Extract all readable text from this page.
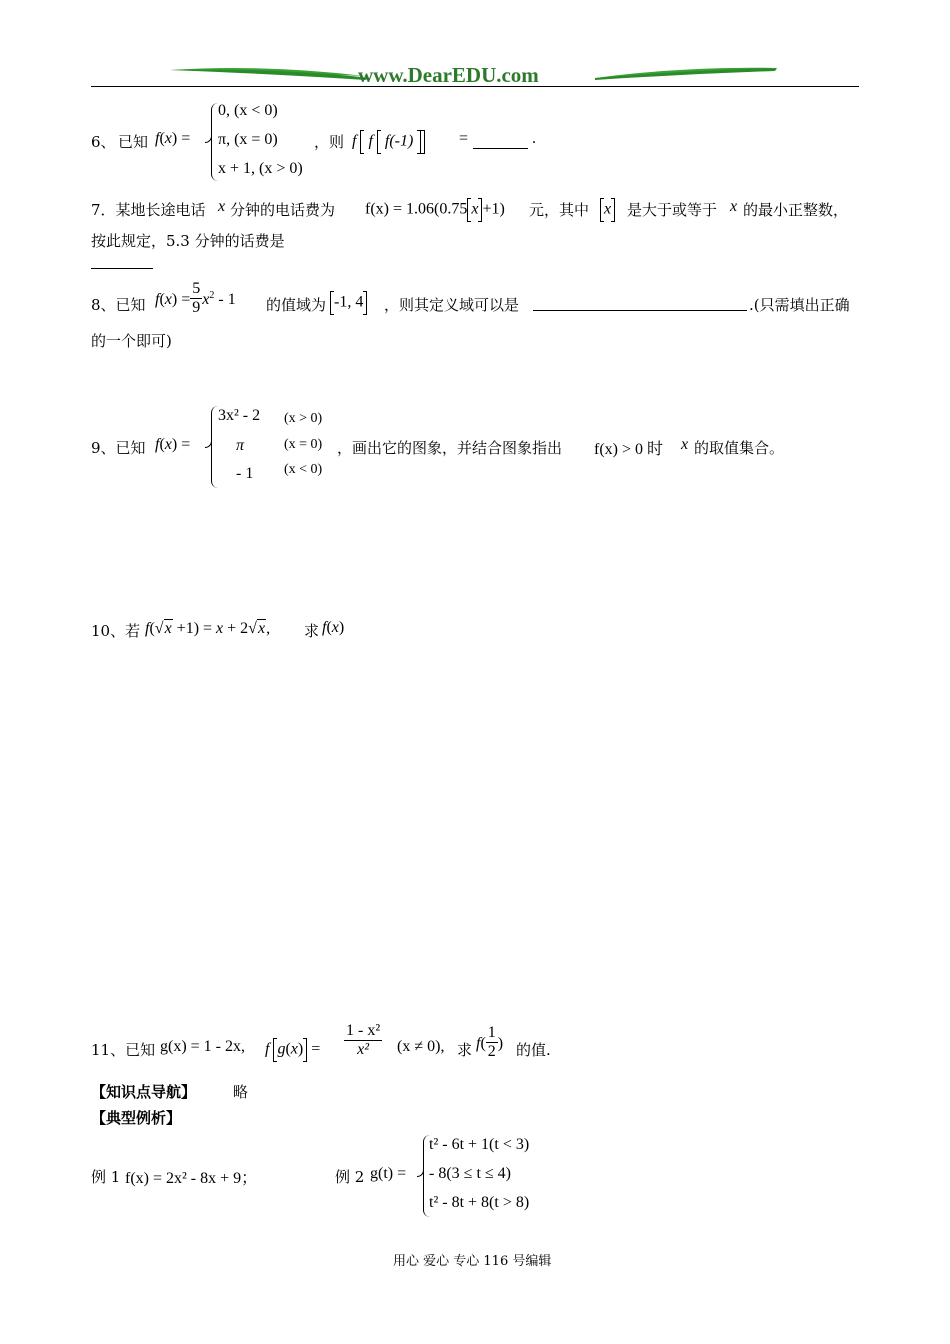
www.DearEDU.com
6、 已知 f(x) =
0, (x < 0)
π, (x = 0)
x + 1, (x > 0)
，则 f f f(-1)	=	.
7．某地长途电话 x 分钟的电话费为 f(x) = 1.06(0.75 x +1) 元，其中 x 是大于或等于 x 的最小正整数，
按此规定，5.3 分钟的话费是
8、已知 $f(x) = \frac{5}{9} x^2 - 1$ 的值域为 -1, 4 ，则其定义域可以是	.(只需填出正确
的一个即可)
9、已知 f(x) =
3x² - 2 (x > 0)
π	(x = 0)
- 1 (x < 0)
，画出它的图象，并结合图象指出 f(x) > 0 时 x 的取值集合。
10、若 f(√x +1) = x + 2√x, 求 f(x)
11、已知 g(x) = 1 - 2x, f $g(x) = \frac{\text{1 - x²}}{\text{x²}} (x \ne 0)$, 求 $f( \frac{1}{2}$ ) 的值.
【知识点导航】 略
【典型例析】
例 1 f(x) = 2x² - 8x + 9；	例 2 g(t) =
t² - 6t + 1(t < 3)
- 8(3 ≤ t ≤ 4)
t² - 8t + 8(t > 8)
用心 爱心 专心 116 号编辑
